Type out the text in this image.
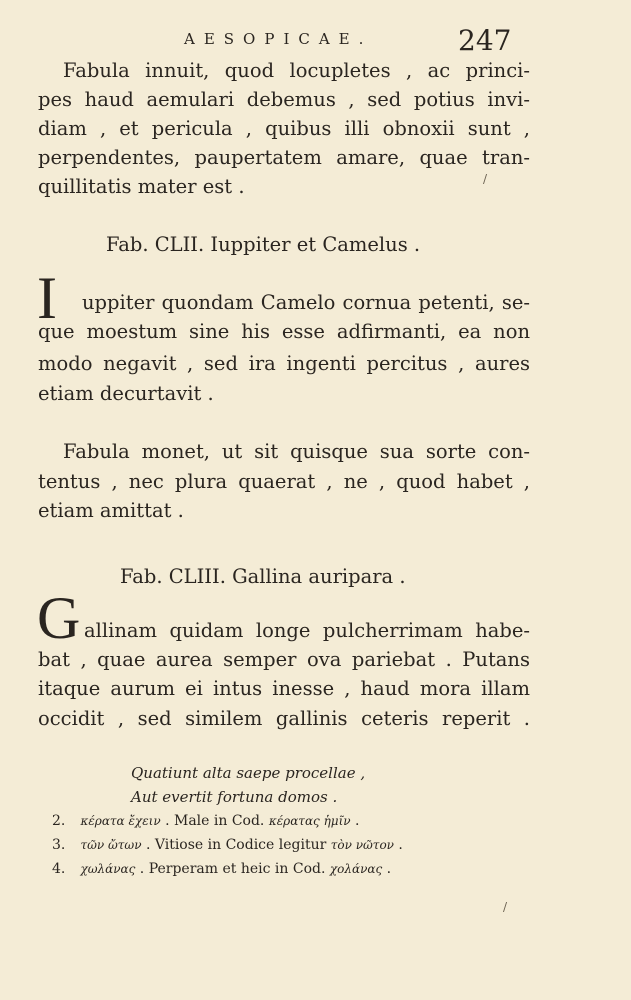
AESOPICAE.	247
Fabula innuit, quod locupletes , ac princi-
pes haud aemulari debemus , sed potius invi-
diam , et pericula , quibus illi obnoxii sunt ,
perpendentes, paupertatem amare, quae tran-
quillitatis mater est .
Fab. CLII. Iuppiter et Camelus .
I uppiter quondam Camelo cornua petenti, se-
que moestum sine his esse adfirmanti, ea non
modo negavit , sed ira ingenti percitus , aures
etiam decurtavit .
Fabula monet, ut sit quisque sua sorte con-
tentus , nec plura quaerat , ne , quod habet ,
etiam amittat .
Fab. CLIII. Gallina auripara .
G allinam quidam longe pulcherrimam habe-
bat , quae aurea semper ova pariebat . Putans
itaque aurum ei intus inesse , haud mora illam
occidit , sed similem gallinis ceteris reperit .
Quatiunt alta saepe procellae ,
Aut evertit fortuna domos .
2. κέρατα ἔχειν . Male in Cod. κέρατας ἡμῖν .
3. τῶν ὤτων . Vitiose in Codice legitur τὸν νῶτον .
4. χωλάνας . Perperam et heic in Cod. χολάνας .
/
/
